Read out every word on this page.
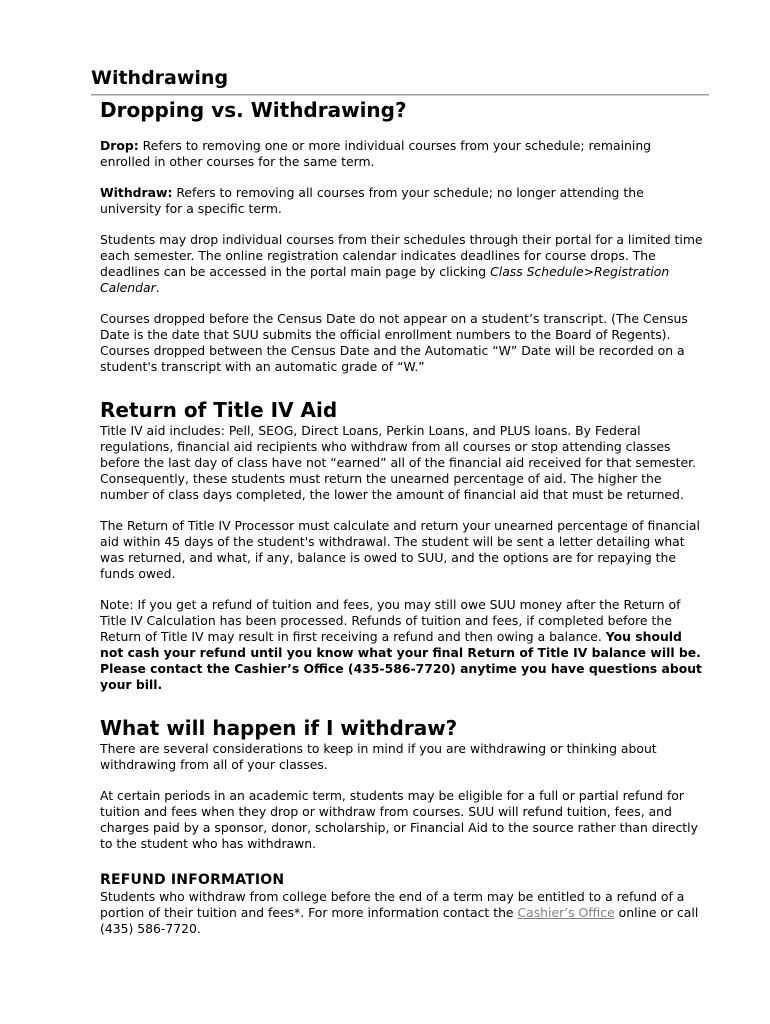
Withdrawing
Dropping vs. Withdrawing?

Drop: Refers to removing one or more individual courses from your schedule; remaining enrolled in other courses for the same term.

Withdraw: Refers to removing all courses from your schedule; no longer attending the university for a specific term.

Students may drop individual courses from their schedules through their portal for a limited time each semester. The online registration calendar indicates deadlines for course drops. The deadlines can be accessed in the portal main page by clicking Class Schedule>Registration Calendar.

Courses dropped before the Census Date do not appear on a student’s transcript. (The Census Date is the date that SUU submits the official enrollment numbers to the Board of Regents). Courses dropped between the Census Date and the Automatic “W” Date will be recorded on a student's transcript with an automatic grade of “W.”

Return of Title IV Aid

Title IV aid includes: Pell, SEOG, Direct Loans, Perkin Loans, and PLUS loans. By Federal regulations, financial aid recipients who withdraw from all courses or stop attending classes before the last day of class have not “earned” all of the financial aid received for that semester. Consequently, these students must return the unearned percentage of aid. The higher the number of class days completed, the lower the amount of financial aid that must be returned.

The Return of Title IV Processor must calculate and return your unearned percentage of financial aid within 45 days of the student's withdrawal. The student will be sent a letter detailing what was returned, and what, if any, balance is owed to SUU, and the options are for repaying the funds owed.

Note: If you get a refund of tuition and fees, you may still owe SUU money after the Return of Title IV Calculation has been processed. Refunds of tuition and fees, if completed before the Return of Title IV may result in first receiving a refund and then owing a balance. You should not cash your refund until you know what your final Return of Title IV balance will be. Please contact the Cashier’s Office (435-586-7720) anytime you have questions about your bill.

What will happen if I withdraw?

There are several considerations to keep in mind if you are withdrawing or thinking about withdrawing from all of your classes.

At certain periods in an academic term, students may be eligible for a full or partial refund for tuition and fees when they drop or withdraw from courses. SUU will refund tuition, fees, and charges paid by a sponsor, donor, scholarship, or Financial Aid to the source rather than directly to the student who has withdrawn.

REFUND INFORMATION

Students who withdraw from college before the end of a term may be entitled to a refund of a portion of their tuition and fees*. For more information contact the Cashier’s Office online or call (435) 586-7720.
